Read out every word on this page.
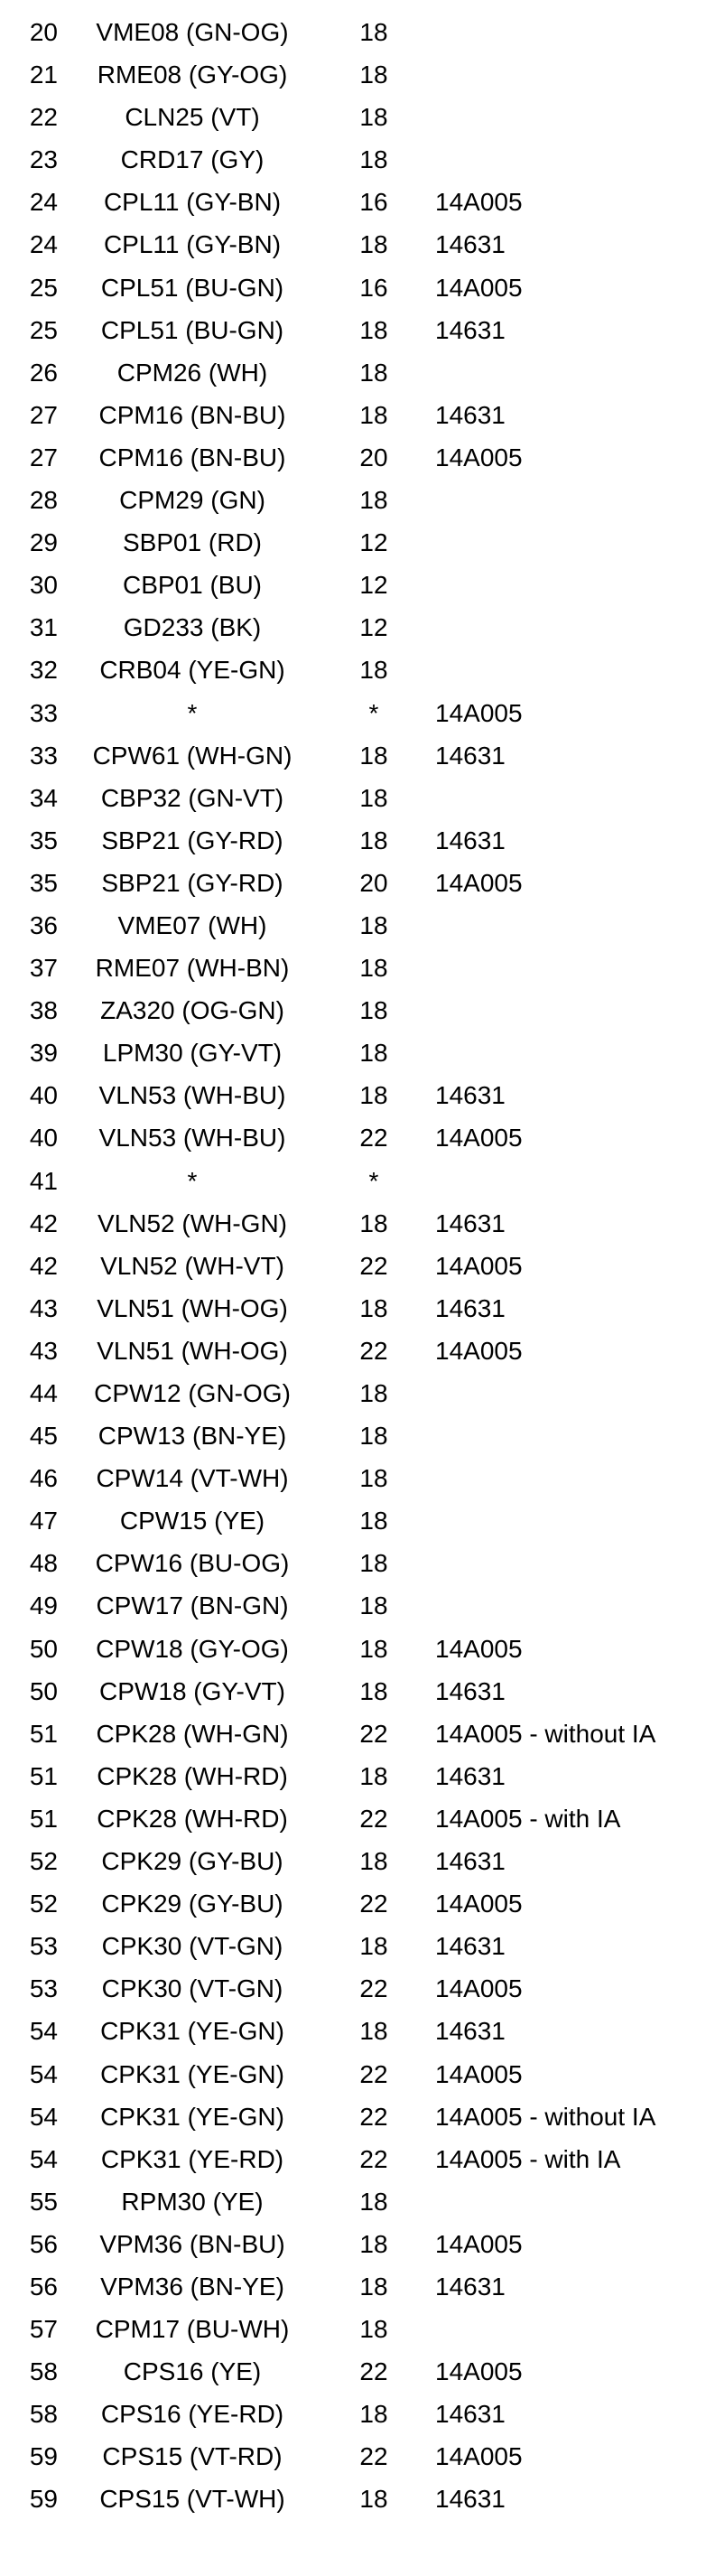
20	VME08 (GN-OG)	18
21	RME08 (GY-OG)	18
22	CLN25 (VT)	18
23	CRD17 (GY)	18
24	CPL11 (GY-BN)	16	14A005
24	CPL11 (GY-BN)	18	14631
25	CPL51 (BU-GN)	16	14A005
25	CPL51 (BU-GN)	18	14631
26	CPM26 (WH)	18
27	CPM16 (BN-BU)	18	14631
27	CPM16 (BN-BU)	20	14A005
28	CPM29 (GN)	18
29	SBP01 (RD)	12
30	CBP01 (BU)	12
31	GD233 (BK)	12
32	CRB04 (YE-GN)	18
33	*	*	14A005
33	CPW61 (WH-GN)	18	14631
34	CBP32 (GN-VT)	18
35	SBP21 (GY-RD)	18	14631
35	SBP21 (GY-RD)	20	14A005
36	VME07 (WH)	18
37	RME07 (WH-BN)	18
38	ZA320 (OG-GN)	18
39	LPM30 (GY-VT)	18
40	VLN53 (WH-BU)	18	14631
40	VLN53 (WH-BU)	22	14A005
41	*	*
42	VLN52 (WH-GN)	18	14631
42	VLN52 (WH-VT)	22	14A005
43	VLN51 (WH-OG)	18	14631
43	VLN51 (WH-OG)	22	14A005
44	CPW12 (GN-OG)	18
45	CPW13 (BN-YE)	18
46	CPW14 (VT-WH)	18
47	CPW15 (YE)	18
48	CPW16 (BU-OG)	18
49	CPW17 (BN-GN)	18
50	CPW18 (GY-OG)	18	14A005
50	CPW18 (GY-VT)	18	14631
51	CPK28 (WH-GN)	22	14A005 - without IA
51	CPK28 (WH-RD)	18	14631
51	CPK28 (WH-RD)	22	14A005 - with IA
52	CPK29 (GY-BU)	18	14631
52	CPK29 (GY-BU)	22	14A005
53	CPK30 (VT-GN)	18	14631
53	CPK30 (VT-GN)	22	14A005
54	CPK31 (YE-GN)	18	14631
54	CPK31 (YE-GN)	22	14A005
54	CPK31 (YE-GN)	22	14A005 - without IA
54	CPK31 (YE-RD)	22	14A005 - with IA
55	RPM30 (YE)	18
56	VPM36 (BN-BU)	18	14A005
56	VPM36 (BN-YE)	18	14631
57	CPM17 (BU-WH)	18
58	CPS16 (YE)	22	14A005
58	CPS16 (YE-RD)	18	14631
59	CPS15 (VT-RD)	22	14A005
59	CPS15 (VT-WH)	18	14631
